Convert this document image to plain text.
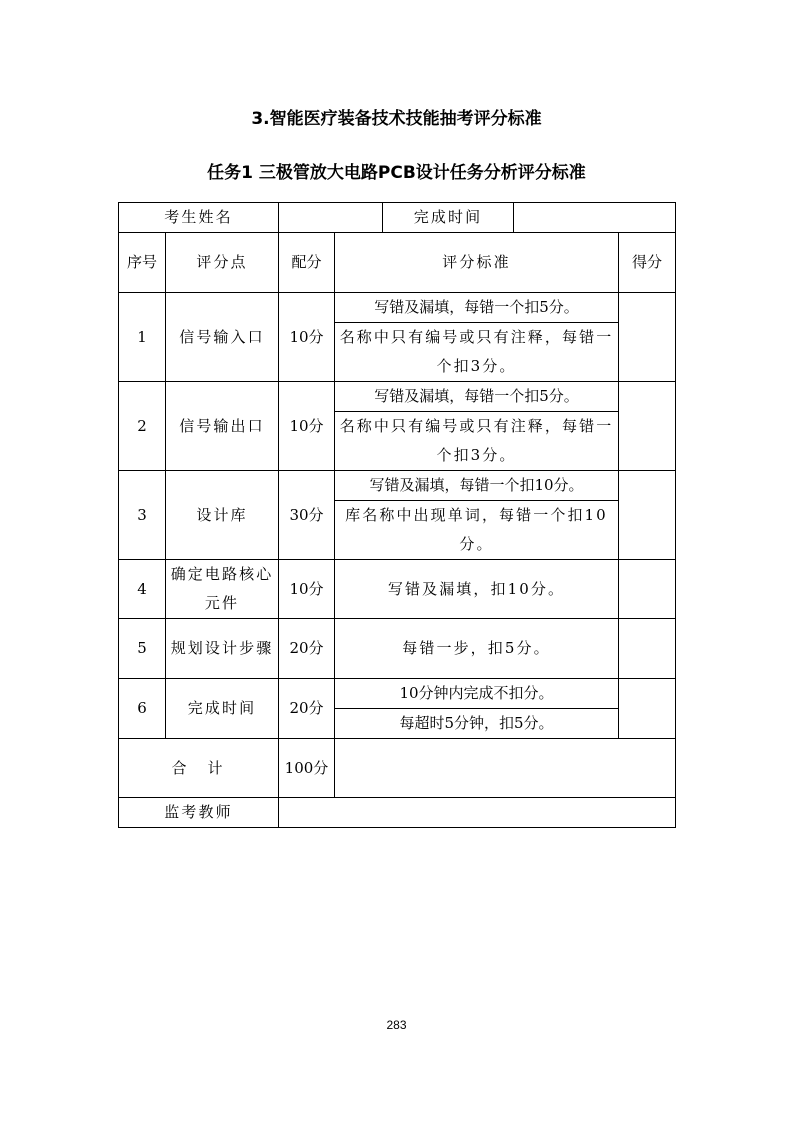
3.智能医疗装备技术技能抽考评分标准
任务1 三极管放大电路PCB设计任务分析评分标准
考生姓名				完成时间		
序号	评分点	配分	评分标准			得分
1	信号输入口	10分	写错及漏填，每错一个扣5分。			
			名称中只有编号或只有注释，每错一个扣3分。			
2	信号输出口	10分	写错及漏填，每错一个扣5分。			
			名称中只有编号或只有注释，每错一个扣3分。			
3	设计库	30分	写错及漏填，每错一个扣10分。			
			库名称中出现单词，每错一个扣10分。			
4	确定电路核心元件	10分	写错及漏填，扣10分。			
5	规划设计步骤	20分	每错一步，扣5分。			
6	完成时间	20分	10分钟内完成不扣分。			
			每超时5分钟，扣5分。			
合　计		100分				
监考教师						
283
